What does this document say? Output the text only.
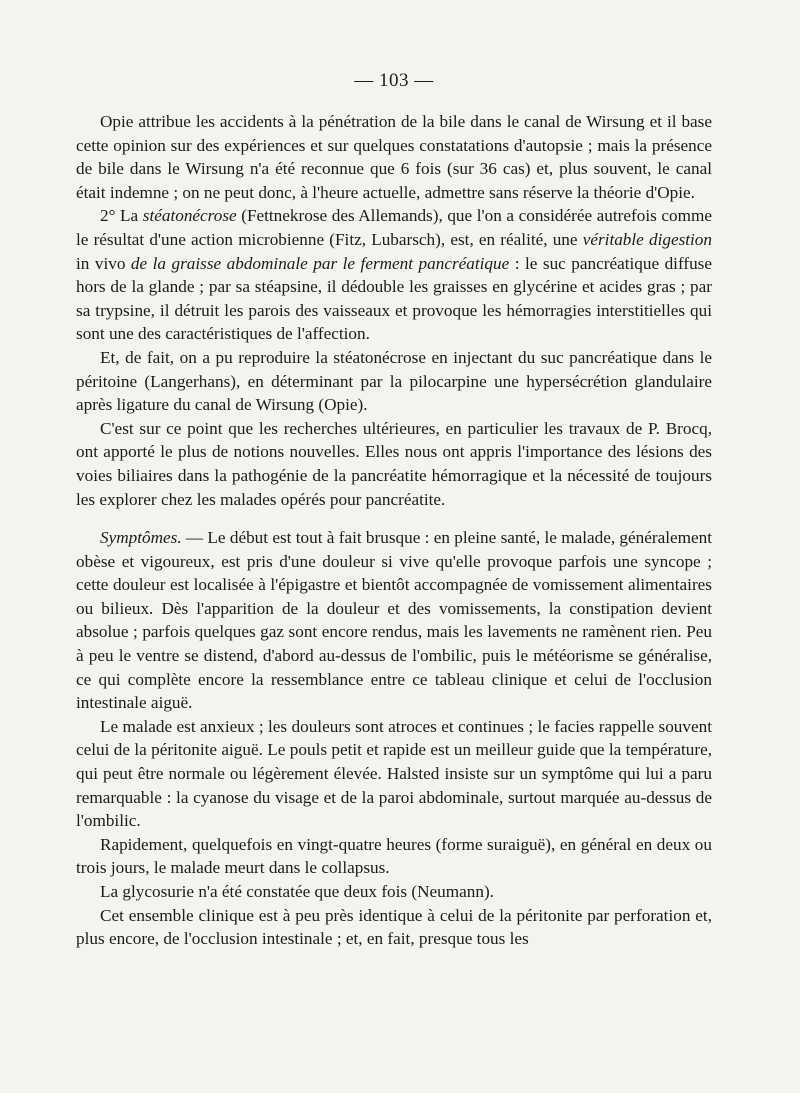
— 103 —

Opie attribue les accidents à la pénétration de la bile dans le canal de Wirsung et il base cette opinion sur des expériences et sur quelques constatations d'autopsie ; mais la présence de bile dans le Wirsung n'a été reconnue que 6 fois (sur 36 cas) et, plus souvent, le canal était indemne ; on ne peut donc, à l'heure actuelle, admettre sans réserve la théorie d'Opie.

2° La stéatonécrose (Fettnekrose des Allemands), que l'on a considérée autrefois comme le résultat d'une action microbienne (Fitz, Lubarsch), est, en réalité, une véritable digestion in vivo de la graisse abdominale par le ferment pancréatique : le suc pancréatique diffuse hors de la glande ; par sa stéapsine, il dédouble les graisses en glycérine et acides gras ; par sa trypsine, il détruit les parois des vaisseaux et provoque les hémorragies interstitielles qui sont une des caractéristiques de l'affection.

Et, de fait, on a pu reproduire la stéatonécrose en injectant du suc pancréatique dans le péritoine (Langerhans), en déterminant par la pilocarpine une hypersécrétion glandulaire après ligature du canal de Wirsung (Opie).

C'est sur ce point que les recherches ultérieures, en particulier les travaux de P. Brocq, ont apporté le plus de notions nouvelles. Elles nous ont appris l'importance des lésions des voies biliaires dans la pathogénie de la pancréatite hémorragique et la nécessité de toujours les explorer chez les malades opérés pour pancréatite.

Symptômes. — Le début est tout à fait brusque : en pleine santé, le malade, généralement obèse et vigoureux, est pris d'une douleur si vive qu'elle provoque parfois une syncope ; cette douleur est localisée à l'épigastre et bientôt accompagnée de vomissement alimentaires ou bilieux. Dès l'apparition de la douleur et des vomissements, la constipation devient absolue ; parfois quelques gaz sont encore rendus, mais les lavements ne ramènent rien. Peu à peu le ventre se distend, d'abord au-dessus de l'ombilic, puis le météorisme se généralise, ce qui complète encore la ressemblance entre ce tableau clinique et celui de l'occlusion intestinale aiguë.

Le malade est anxieux ; les douleurs sont atroces et continues ; le facies rappelle souvent celui de la péritonite aiguë. Le pouls petit et rapide est un meilleur guide que la température, qui peut être normale ou légèrement élevée. Halsted insiste sur un symptôme qui lui a paru remarquable : la cyanose du visage et de la paroi abdominale, surtout marquée au-dessus de l'ombilic.

Rapidement, quelquefois en vingt-quatre heures (forme suraiguë), en général en deux ou trois jours, le malade meurt dans le collapsus.

La glycosurie n'a été constatée que deux fois (Neumann).

Cet ensemble clinique est à peu près identique à celui de la péritonite par perforation et, plus encore, de l'occlusion intestinale ; et, en fait, presque tous les
